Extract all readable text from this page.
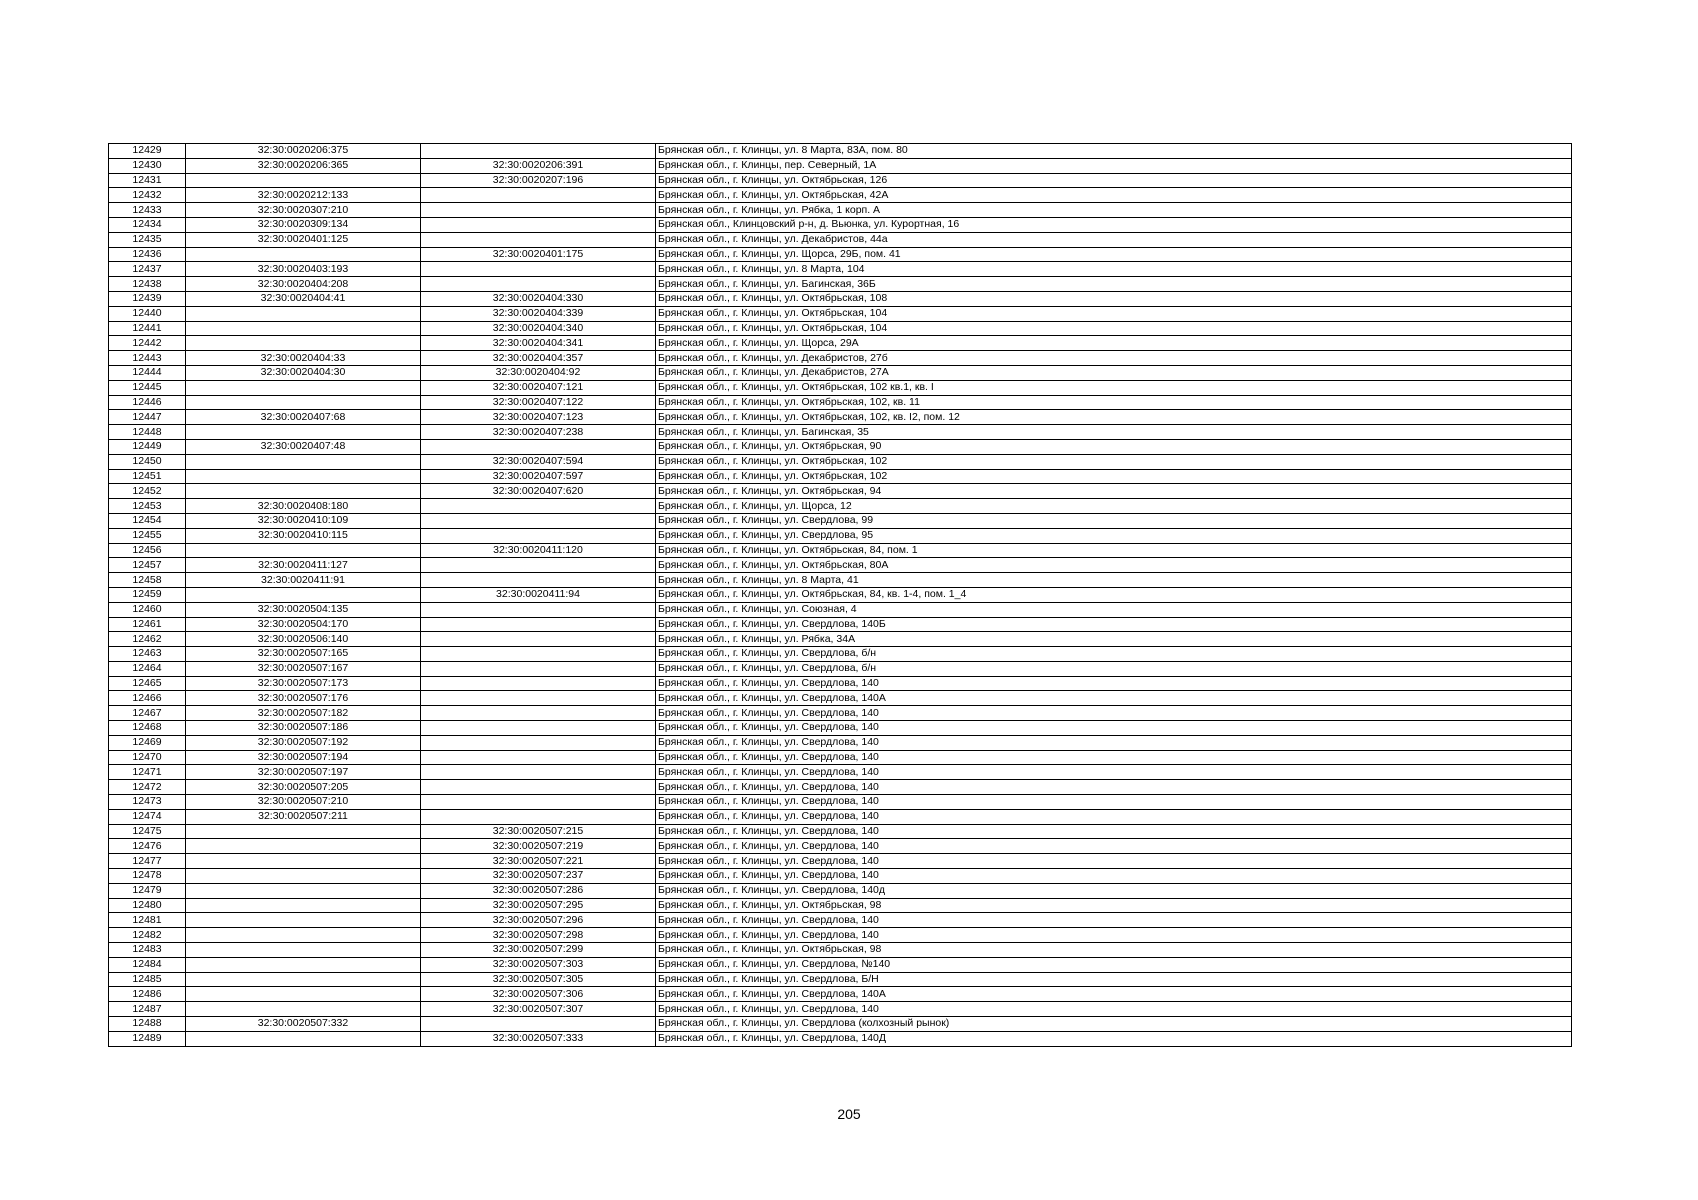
12429	32:30:0020206:375		Брянская обл., г. Клинцы, ул. 8 Марта, 83А, пом. 80
12430	32:30:0020206:365	32:30:0020206:391	Брянская обл., г. Клинцы, пер. Северный, 1А
12431		32:30:0020207:196	Брянская обл., г. Клинцы, ул. Октябрьская, 126
12432	32:30:0020212:133		Брянская обл., г. Клинцы, ул. Октябрьская, 42А
12433	32:30:0020307:210		Брянская обл., г. Клинцы, ул. Рябка, 1 корп. А
12434	32:30:0020309:134		Брянская обл., Клинцовский р-н, д. Вьюнка, ул. Курортная, 16
12435	32:30:0020401:125		Брянская обл., г. Клинцы, ул. Декабристов, 44а
12436		32:30:0020401:175	Брянская обл., г. Клинцы, ул. Щорса, 29Б, пом. 41
12437	32:30:0020403:193		Брянская обл., г. Клинцы, ул. 8 Марта, 104
12438	32:30:0020404:208		Брянская обл., г. Клинцы, ул. Багинская, 36Б
12439	32:30:0020404:41	32:30:0020404:330	Брянская обл., г. Клинцы, ул. Октябрьская, 108
12440		32:30:0020404:339	Брянская обл., г. Клинцы, ул. Октябрьская, 104
12441		32:30:0020404:340	Брянская обл., г. Клинцы, ул. Октябрьская, 104
12442		32:30:0020404:341	Брянская обл., г. Клинцы, ул. Щорса, 29А
12443	32:30:0020404:33	32:30:0020404:357	Брянская обл., г. Клинцы, ул. Декабристов, 27б
12444	32:30:0020404:30	32:30:0020404:92	Брянская обл., г. Клинцы, ул. Декабристов, 27А
12445		32:30:0020407:121	Брянская обл., г. Клинцы, ул. Октябрьская, 102 кв.1, кв. I
12446		32:30:0020407:122	Брянская обл., г. Клинцы, ул. Октябрьская, 102, кв. 11
12447	32:30:0020407:68	32:30:0020407:123	Брянская обл., г. Клинцы, ул. Октябрьская, 102, кв. I2, пом. 12
12448		32:30:0020407:238	Брянская обл., г. Клинцы, ул. Багинская, 35
12449	32:30:0020407:48		Брянская обл., г. Клинцы, ул. Октябрьская, 90
12450		32:30:0020407:594	Брянская обл., г. Клинцы, ул. Октябрьская, 102
12451		32:30:0020407:597	Брянская обл., г. Клинцы, ул. Октябрьская, 102
12452		32:30:0020407:620	Брянская обл., г. Клинцы, ул. Октябрьская, 94
12453	32:30:0020408:180		Брянская обл., г. Клинцы, ул. Щорса, 12
12454	32:30:0020410:109		Брянская обл., г. Клинцы, ул. Свердлова, 99
12455	32:30:0020410:115		Брянская обл., г. Клинцы, ул. Свердлова, 95
12456		32:30:0020411:120	Брянская обл., г. Клинцы, ул. Октябрьская, 84, пом. 1
12457	32:30:0020411:127		Брянская обл., г. Клинцы, ул. Октябрьская, 80А
12458	32:30:0020411:91		Брянская обл., г. Клинцы, ул. 8 Марта, 41
12459		32:30:0020411:94	Брянская обл., г. Клинцы, ул. Октябрьская, 84, кв. 1-4, пом. 1_4
12460	32:30:0020504:135		Брянская обл., г. Клинцы, ул. Союзная, 4
12461	32:30:0020504:170		Брянская обл., г. Клинцы, ул. Свердлова, 140Б
12462	32:30:0020506:140		Брянская обл., г. Клинцы, ул. Рябка, 34А
12463	32:30:0020507:165		Брянская обл., г. Клинцы, ул. Свердлова, б/н
12464	32:30:0020507:167		Брянская обл., г. Клинцы, ул. Свердлова, б/н
12465	32:30:0020507:173		Брянская обл., г. Клинцы, ул. Свердлова, 140
12466	32:30:0020507:176		Брянская обл., г. Клинцы, ул. Свердлова, 140А
12467	32:30:0020507:182		Брянская обл., г. Клинцы, ул. Свердлова, 140
12468	32:30:0020507:186		Брянская обл., г. Клинцы, ул. Свердлова, 140
12469	32:30:0020507:192		Брянская обл., г. Клинцы, ул. Свердлова, 140
12470	32:30:0020507:194		Брянская обл., г. Клинцы, ул. Свердлова, 140
12471	32:30:0020507:197		Брянская обл., г. Клинцы, ул. Свердлова, 140
12472	32:30:0020507:205		Брянская обл., г. Клинцы, ул. Свердлова, 140
12473	32:30:0020507:210		Брянская обл., г. Клинцы, ул. Свердлова, 140
12474	32:30:0020507:211		Брянская обл., г. Клинцы, ул. Свердлова, 140
12475		32:30:0020507:215	Брянская обл., г. Клинцы, ул. Свердлова, 140
12476		32:30:0020507:219	Брянская обл., г. Клинцы, ул. Свердлова, 140
12477		32:30:0020507:221	Брянская обл., г. Клинцы, ул. Свердлова, 140
12478		32:30:0020507:237	Брянская обл., г. Клинцы, ул. Свердлова, 140
12479		32:30:0020507:286	Брянская обл., г. Клинцы, ул. Свердлова, 140д
12480		32:30:0020507:295	Брянская обл., г. Клинцы, ул. Октябрьская, 98
12481		32:30:0020507:296	Брянская обл., г. Клинцы, ул. Свердлова, 140
12482		32:30:0020507:298	Брянская обл., г. Клинцы, ул. Свердлова, 140
12483		32:30:0020507:299	Брянская обл., г. Клинцы, ул. Октябрьская, 98
12484		32:30:0020507:303	Брянская обл., г. Клинцы, ул. Свердлова, №140
12485		32:30:0020507:305	Брянская обл., г. Клинцы, ул. Свердлова, Б/Н
12486		32:30:0020507:306	Брянская обл., г. Клинцы, ул. Свердлова, 140А
12487		32:30:0020507:307	Брянская обл., г. Клинцы, ул. Свердлова, 140
12488	32:30:0020507:332		Брянская обл., г. Клинцы, ул. Свердлова (колхозный рынок)
12489		32:30:0020507:333	Брянская обл., г. Клинцы, ул. Свердлова, 140Д
205
